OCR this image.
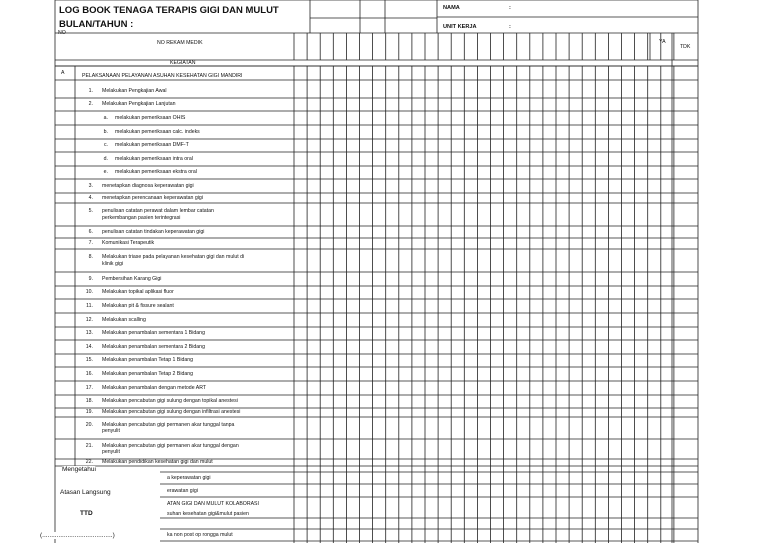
LOG BOOK TENAGA TERAPIS GIGI DAN MULUT
BULAN/TAHUN :
NAMA	:
UNIT KERJA	:
NO
NO REKAM MEDIK	YA
TDK
KEGIATAN
A	PELAKSANAAN PELAYANAN ASUHAN KESEHATAN GIGI MANDIRI
1. Melakukan Pengkajian Awal
2. Melakukan Pengkajian Lanjutan
a. melakukan pemeriksaan OHIS
b. melakukan pemeriksaan calc. indeks
c. melakukan pemeriksaan DMF-T
d. melakukan pemeriksaan intra oral
e. melakukan pemeriksaan ekstra oral
3. menetapkan diagnosa keperawatan gigi
4. menetapkan perencanaan keperawatan gigi
5. penulisan catatan perawat dalam lembar catatan
perkembangan pasien terintegrasi
6. penulisan catatan tindakan keperawatan gigi
7. Komunikasi Terapeutik
8. Melakukan triase pada pelayanan kesehatan gigi dan mulut di
klinik gigi
9. Pembersihan Karang Gigi
10. Melakukan topikal aplikasi fluor
11. Melakukan pit & fissure sealant
12. Melakukan scalling
13. Melakukan penambalan sementara 1 Bidang
14. Melakukan penambalan sementara 2 Bidang
15. Melakukan penambalan Tetap 1 Bidang
16. Melakukan penambalan Tetap 2 Bidang
17. Melakukan penambalan dengan metode ART
18. Melakukan pencabutan gigi sulung dengan topikal anestesi
19. Melakukan pencabutan gigi sulung dengan infiltrasi anestesi
20. Melakukan pencabutan gigi permanen akar tunggal tanpa
penyulit
21. Melakukan pencabutan gigi permanen akar tunggal dengan
penyulit
22. Melakukan pendidikan kesehatan gigi dan mulut
a keperawatan gigi
erawatan gigi
ATAN GIGI DAN MULUT KOLABORASI
suhan kesehatan gigi&mulut pasien
ka non post op rongga mulut
Mengetahui
Atasan Langsung
TTD
(.......................................)
